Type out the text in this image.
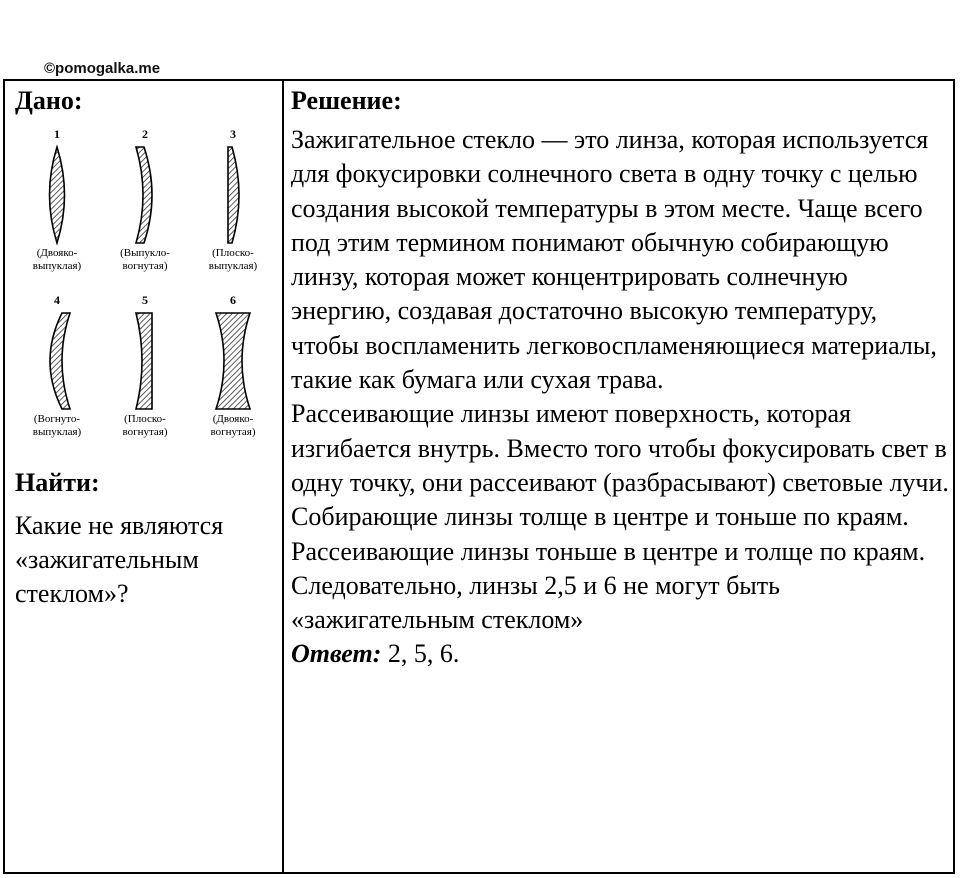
©pomogalka.me
Дано:
1
(Двояко-
выпуклая)
2
(Выпукло-
вогнутая)
3
(Плоско-
выпуклая)
4
(Вогнуто-
выпуклая)
5
(Плоско-
вогнутая)
6
(Двояко-
вогнутая)
Найти:
Какие не являются «зажигательным стеклом»?
Решение:

Зажигательное стекло — это линза, которая используется для фокусировки солнечного света в одну точку с целью создания высокой температуры в этом месте. Чаще всего под этим термином понимают обычную собирающую линзу, которая может концентрировать солнечную энергию, создавая достаточно высокую температуру, чтобы воспламенить легковоспламеняющиеся материалы, такие как бумага или сухая трава.

Рассеивающие линзы имеют поверхность, которая изгибается внутрь. Вместо того чтобы фокусировать свет в одну точку, они рассеивают (разбрасывают) световые лучи.

Собирающие линзы толще в центре и тоньше по краям.

Рассеивающие линзы тоньше в центре и толще по краям.

Следовательно, линзы 2,5 и 6 не могут быть «зажигательным стеклом»

Ответ: 2, 5, 6.
